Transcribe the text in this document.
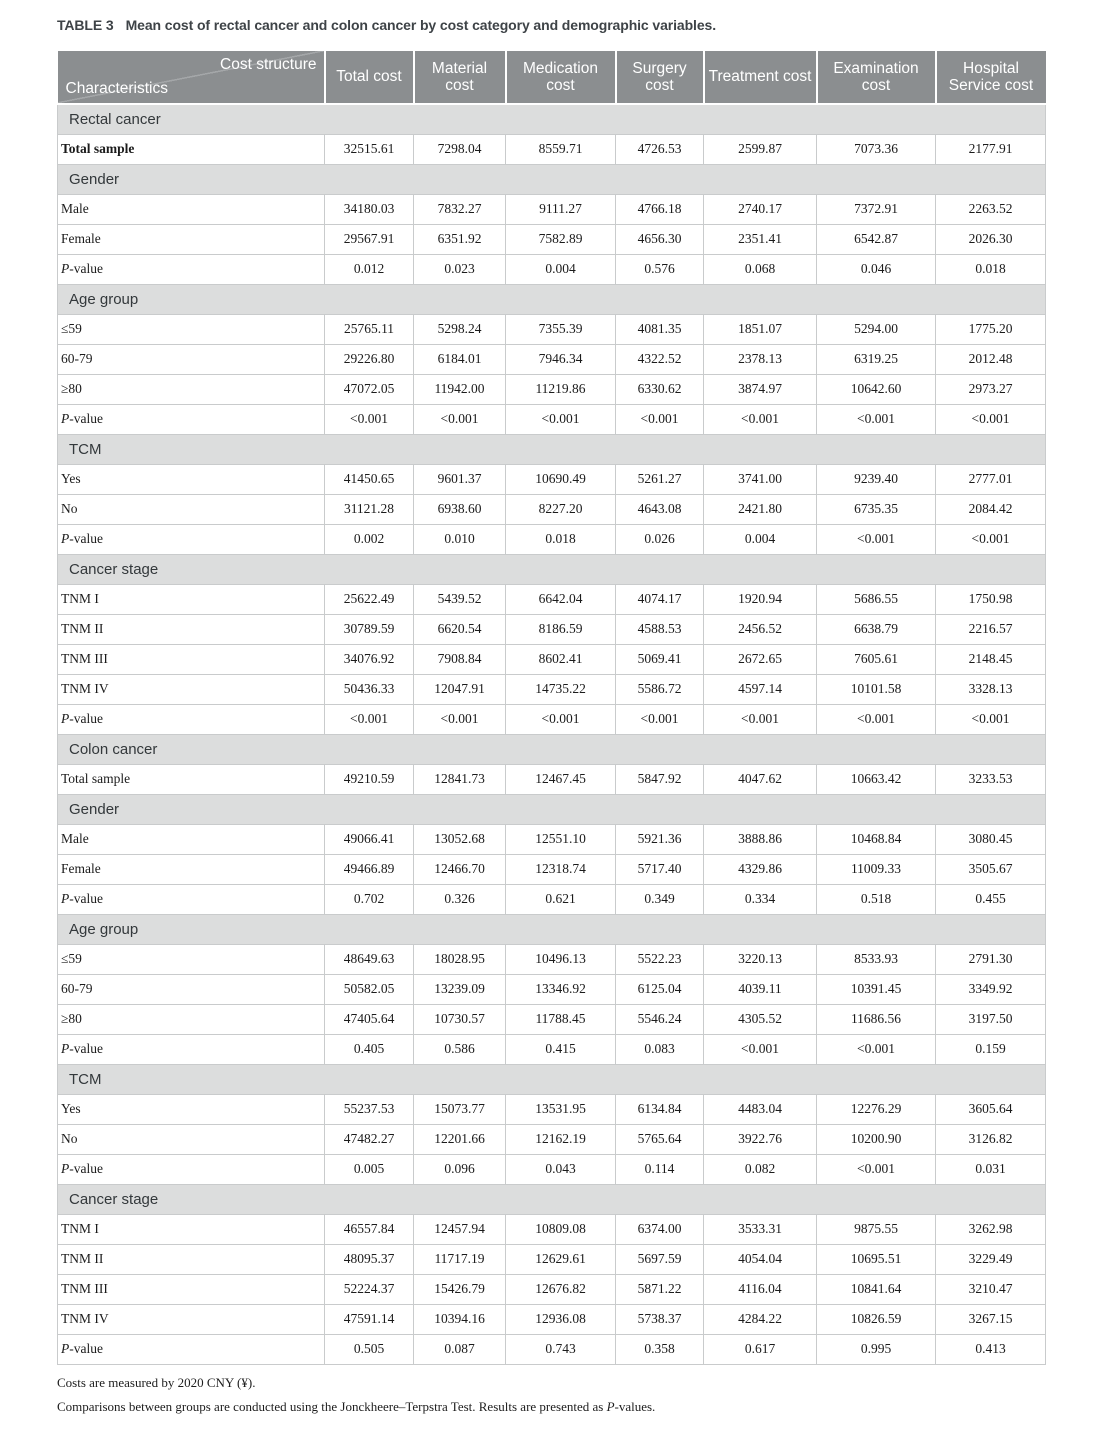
TABLE 3 Mean cost of rectal cancer and colon cancer by cost category and demographic variables.

Cost structure
Characteristics	Total cost	Material cost	Medication cost	Surgery cost	Treatment cost	Examination cost	Hospital Service cost
Rectal cancer							
Total sample	32515.61	7298.04	8559.71	4726.53	2599.87	7073.36	2177.91
Gender							
Male	34180.03	7832.27	9111.27	4766.18	2740.17	7372.91	2263.52
Female	29567.91	6351.92	7582.89	4656.30	2351.41	6542.87	2026.30
P-value	0.012	0.023	0.004	0.576	0.068	0.046	0.018
Age group							
≤59	25765.11	5298.24	7355.39	4081.35	1851.07	5294.00	1775.20
60-79	29226.80	6184.01	7946.34	4322.52	2378.13	6319.25	2012.48
≥80	47072.05	11942.00	11219.86	6330.62	3874.97	10642.60	2973.27
P-value	<0.001	<0.001	<0.001	<0.001	<0.001	<0.001	<0.001
TCM							
Yes	41450.65	9601.37	10690.49	5261.27	3741.00	9239.40	2777.01
No	31121.28	6938.60	8227.20	4643.08	2421.80	6735.35	2084.42
P-value	0.002	0.010	0.018	0.026	0.004	<0.001	<0.001
Cancer stage							
TNM I	25622.49	5439.52	6642.04	4074.17	1920.94	5686.55	1750.98
TNM II	30789.59	6620.54	8186.59	4588.53	2456.52	6638.79	2216.57
TNM III	34076.92	7908.84	8602.41	5069.41	2672.65	7605.61	2148.45
TNM IV	50436.33	12047.91	14735.22	5586.72	4597.14	10101.58	3328.13
P-value	<0.001	<0.001	<0.001	<0.001	<0.001	<0.001	<0.001
Colon cancer							
Total sample	49210.59	12841.73	12467.45	5847.92	4047.62	10663.42	3233.53
Gender							
Male	49066.41	13052.68	12551.10	5921.36	3888.86	10468.84	3080.45
Female	49466.89	12466.70	12318.74	5717.40	4329.86	11009.33	3505.67
P-value	0.702	0.326	0.621	0.349	0.334	0.518	0.455
Age group							
≤59	48649.63	18028.95	10496.13	5522.23	3220.13	8533.93	2791.30
60-79	50582.05	13239.09	13346.92	6125.04	4039.11	10391.45	3349.92
≥80	47405.64	10730.57	11788.45	5546.24	4305.52	11686.56	3197.50
P-value	0.405	0.586	0.415	0.083	<0.001	<0.001	0.159
TCM							
Yes	55237.53	15073.77	13531.95	6134.84	4483.04	12276.29	3605.64
No	47482.27	12201.66	12162.19	5765.64	3922.76	10200.90	3126.82
P-value	0.005	0.096	0.043	0.114	0.082	<0.001	0.031
Cancer stage							
TNM I	46557.84	12457.94	10809.08	6374.00	3533.31	9875.55	3262.98
TNM II	48095.37	11717.19	12629.61	5697.59	4054.04	10695.51	3229.49
TNM III	52224.37	15426.79	12676.82	5871.22	4116.04	10841.64	3210.47
TNM IV	47591.14	10394.16	12936.08	5738.37	4284.22	10826.59	3267.15
P-value	0.505	0.087	0.743	0.358	0.617	0.995	0.413

Costs are measured by 2020 CNY (¥).

Comparisons between groups are conducted using the Jonckheere–Terpstra Test. Results are presented as P-values.
